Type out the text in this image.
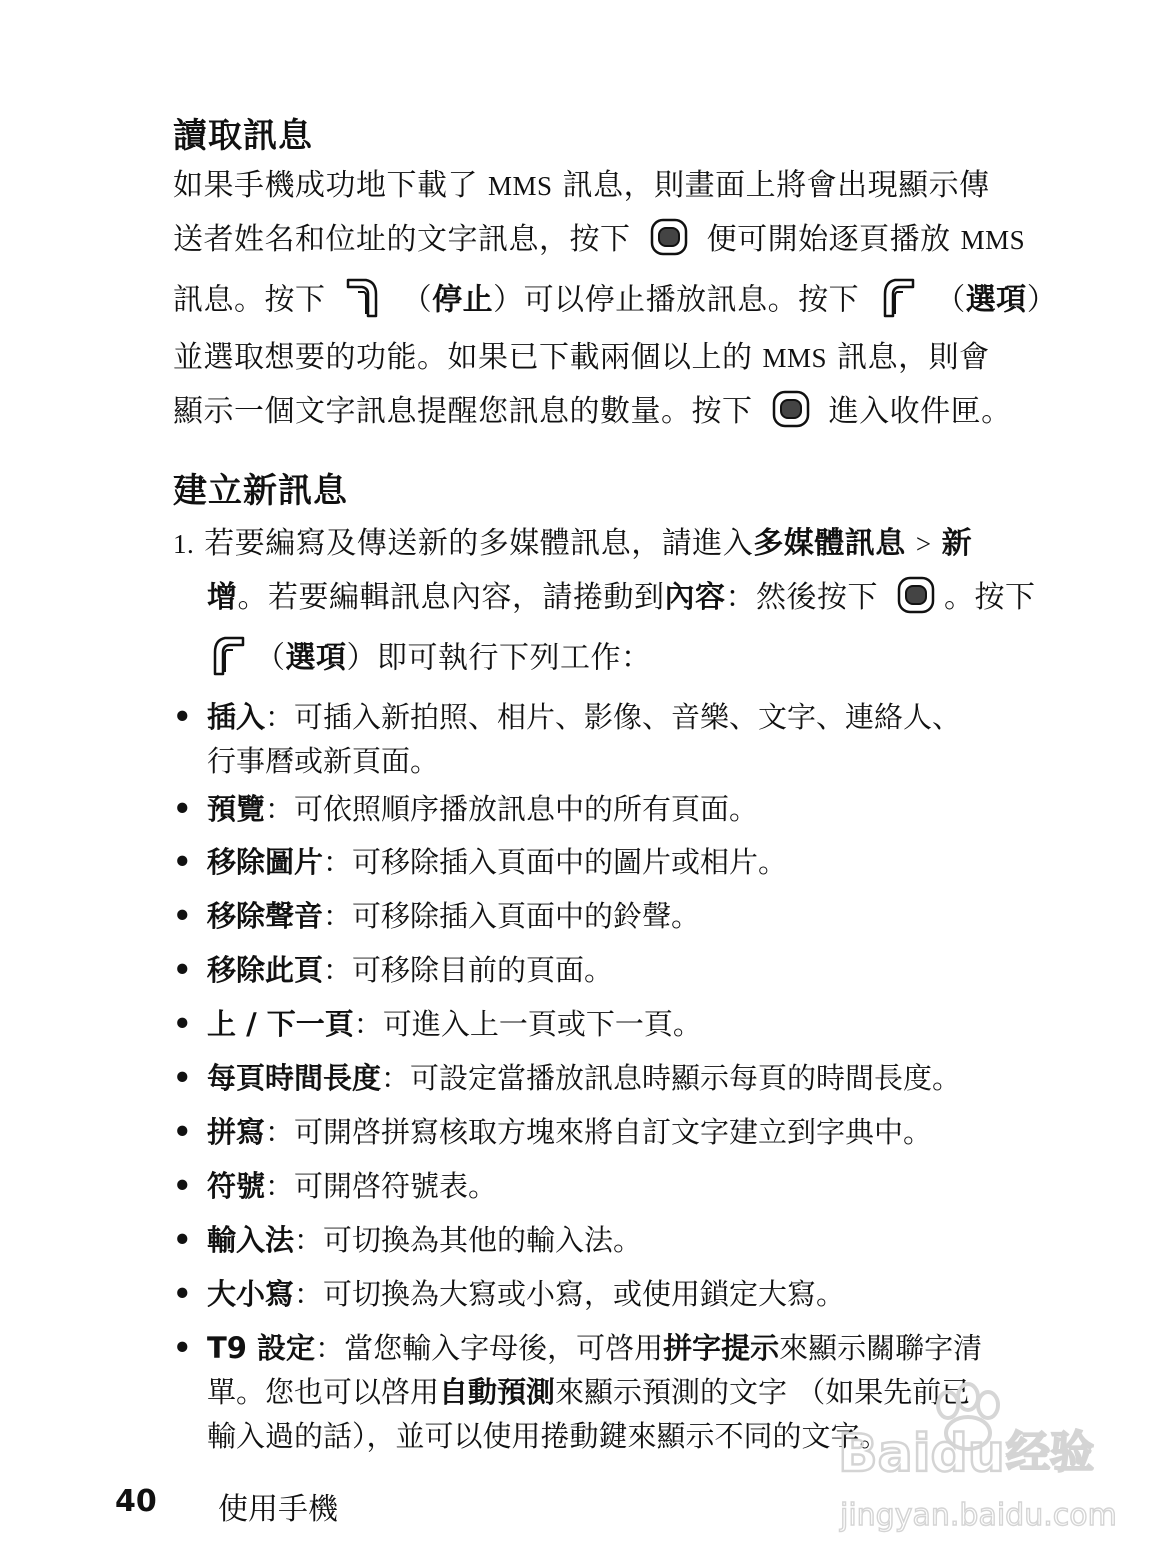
讀取訊息
如果手機成功地下載了 MMS 訊息，則畫面上將會出現顯示傳
送者姓名和位址的文字訊息，按下	便可開始逐頁播放 MMS
訊息。按下	（停止）可以停止播放訊息。按下	（選項）
並選取想要的功能。如果已下載兩個以上的 MMS 訊息，則會
顯示一個文字訊息提醒您訊息的數量。按下	進入收件匣。
建立新訊息
1. 若要編寫及傳送新的多媒體訊息，請進入多媒體訊息 > 新
增。若要編輯訊息內容，請捲動到內容：然後按下 。按下
（選項）即可執行下列工作：
• 插入：可插入新拍照、相片、影像、音樂、文字、連絡人、
行事曆或新頁面。
• 預覽：可依照順序播放訊息中的所有頁面。
• 移除圖片：可移除插入頁面中的圖片或相片。
• 移除聲音：可移除插入頁面中的鈴聲。
• 移除此頁：可移除目前的頁面。
• 上 / 下一頁：可進入上一頁或下一頁。
• 每頁時間長度：可設定當播放訊息時顯示每頁的時間長度。
• 拼寫：可開啓拼寫核取方塊來將自訂文字建立到字典中。
• 符號：可開啓符號表。
• 輸入法：可切換為其他的輸入法。
• 大小寫：可切換為大寫或小寫，或使用鎖定大寫。
• T9 設定：當您輸入字母後，可啓用拼字提示來顯示關聯字清
單。您也可以啓用自動預測來顯示預測的文字 （如果先前已
輸入過的話），並可以使用捲動鍵來顯示不同的文字。
40 使用手機
Baidu 经验
jingyan.baidu.com
